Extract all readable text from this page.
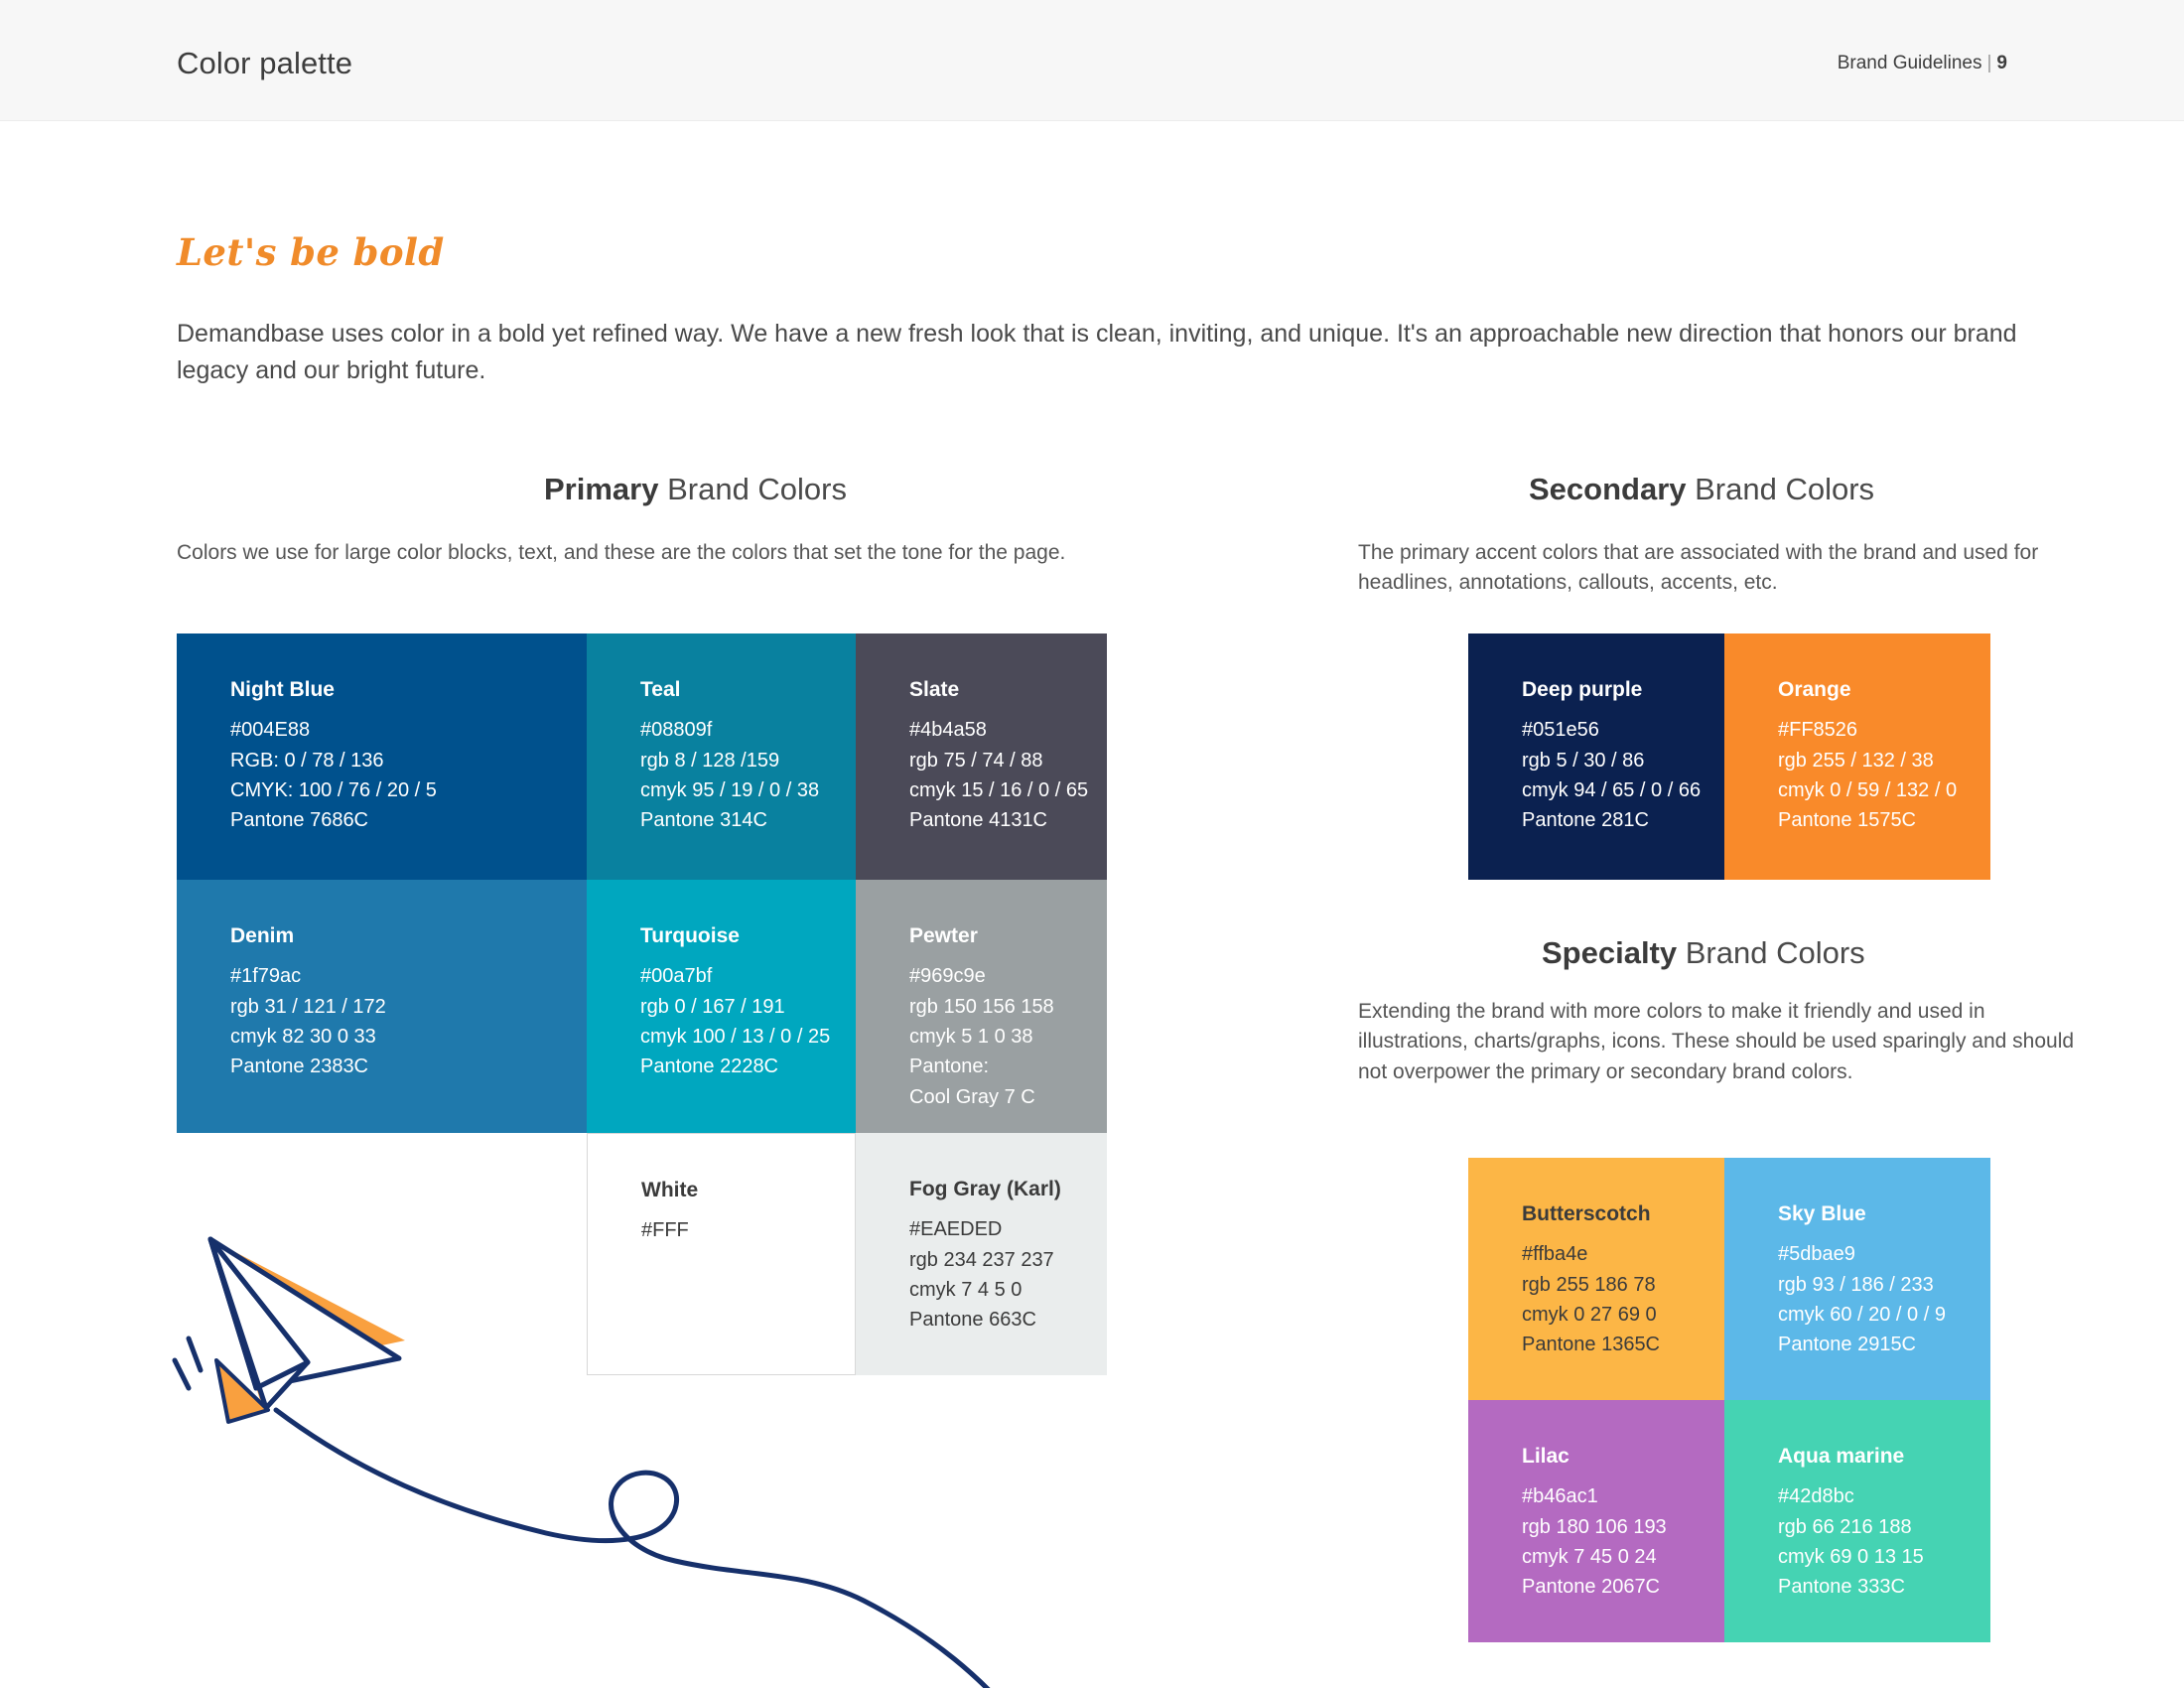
Color palette	Brand Guidelines | 9
Let's be bold
Demandbase uses color in a bold yet refined way. We have a new fresh look that is clean, inviting, and unique. It's an approachable new direction that honors our brand legacy and our bright future.
Primary Brand Colors
Colors we use for large color blocks, text, and these are the colors that set the tone for the page.
Secondary Brand Colors
The primary accent colors that are associated with the brand and used for headlines, annotations, callouts, accents, etc.
Specialty Brand Colors
Extending the brand with more colors to make it friendly and used in illustrations, charts/graphs, icons. These should be used sparingly and should not overpower the primary or secondary brand colors.
Night Blue
#004E88
RGB: 0 / 78 / 136
CMYK: 100 / 76 / 20 / 5
Pantone 7686C
Teal
#08809f
rgb 8 / 128 /159
cmyk 95 / 19 / 0 / 38
Pantone 314C
Slate
#4b4a58
rgb 75 / 74 / 88
cmyk 15 / 16 / 0 / 65
Pantone 4131C
Denim
#1f79ac
rgb 31 / 121 / 172
cmyk 82 30 0 33
Pantone 2383C
Turquoise
#00a7bf
rgb 0 / 167 / 191
cmyk 100 / 13 / 0 / 25
Pantone 2228C
Pewter
#969c9e
rgb 150 156 158
cmyk 5 1 0 38
Pantone:
Cool Gray 7 C
White
#FFF
Fog Gray (Karl)
#EAEDED
rgb 234 237 237
cmyk 7 4 5 0
Pantone 663C
Deep purple
#051e56
rgb 5 / 30 / 86
cmyk 94 / 65 / 0 / 66
Pantone 281C
Orange
#FF8526
rgb 255 / 132 / 38
cmyk 0 / 59 / 132 / 0
Pantone 1575C
Butterscotch
#ffba4e
rgb 255 186 78
cmyk 0 27 69 0
Pantone 1365C
Sky Blue
#5dbae9
rgb 93 / 186 / 233
cmyk 60 / 20 / 0 / 9
Pantone 2915C
Lilac
#b46ac1
rgb 180 106 193
cmyk 7 45 0 24
Pantone 2067C
Aqua marine
#42d8bc
rgb 66 216 188
cmyk 69 0 13 15
Pantone 333C
